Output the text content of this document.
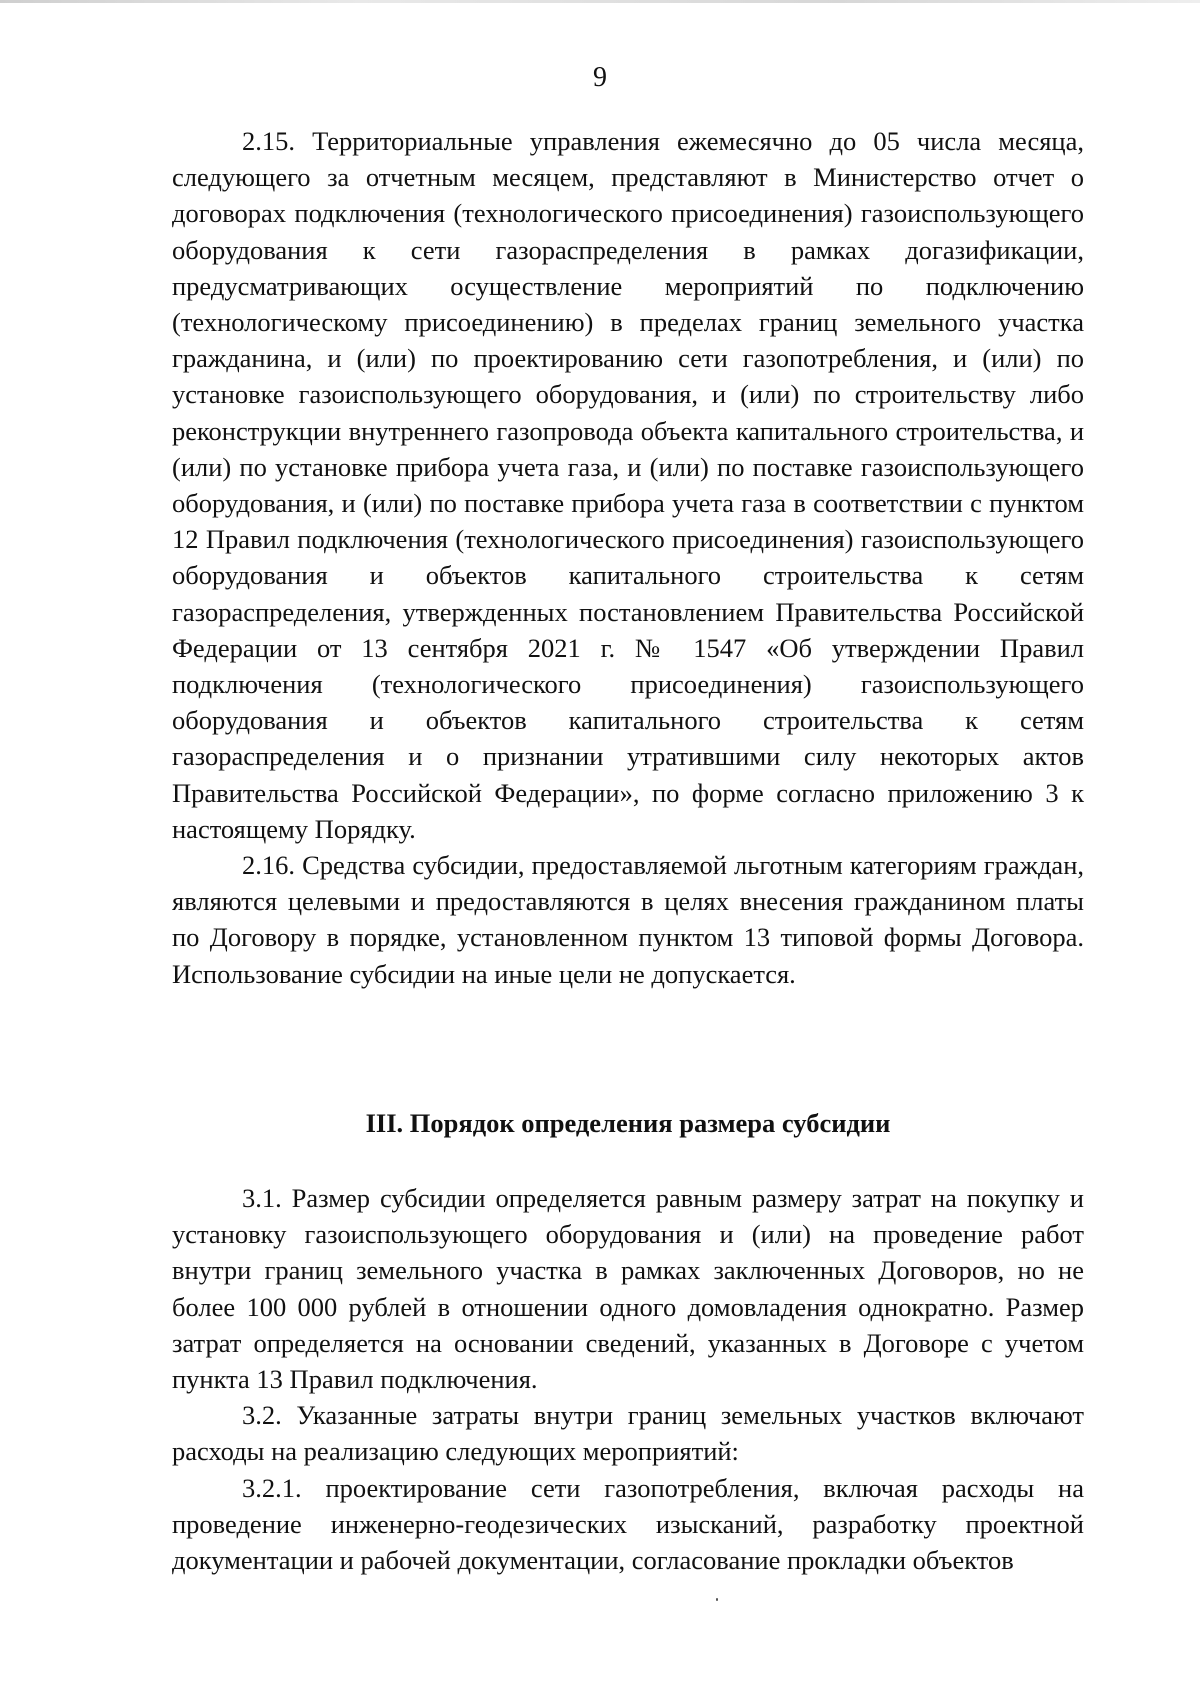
9

2.15. Территориальные управления ежемесячно до 05 числа месяца, следующего за отчетным месяцем, представляют в Министерство отчет о договорах подключения (технологического присоединения) газоиспользующего оборудования к сети газораспределения в рамках догазификации, предусматривающих осуществление мероприятий по подключению (технологическому присоединению) в пределах границ земельного участка гражданина, и (или) по проектированию сети газопотребления, и (или) по установке газоиспользующего оборудования, и (или) по строительству либо реконструкции внутреннего газопровода объекта капитального строительства, и (или) по установке прибора учета газа, и (или) по поставке газоиспользующего оборудования, и (или) по поставке прибора учета газа в соответствии с пунктом 12 Правил подключения (технологического присоединения) газоиспользующего оборудования и объектов капитального строительства к сетям газораспределения, утвержденных постановлением Правительства Российской Федерации от 13 сентября 2021 г. № 1547 «Об утверждении Правил подключения (технологического присоединения) газоиспользующего оборудования и объектов капитального строительства к сетям газораспределения и о признании утратившими силу некоторых актов Правительства Российской Федерации», по форме согласно приложению 3 к настоящему Порядку.

2.16. Средства субсидии, предоставляемой льготным категориям граждан, являются целевыми и предоставляются в целях внесения гражданином платы по Договору в порядке, установленном пунктом 13 типовой формы Договора. Использование субсидии на иные цели не допускается.

III. Порядок определения размера субсидии

3.1. Размер субсидии определяется равным размеру затрат на покупку и установку газоиспользующего оборудования и (или) на проведение работ внутри границ земельного участка в рамках заключенных Договоров, но не более 100 000 рублей в отношении одного домовладения однократно. Размер затрат определяется на основании сведений, указанных в Договоре с учетом пункта 13 Правил подключения.

3.2. Указанные затраты внутри границ земельных участков включают расходы на реализацию следующих мероприятий:

3.2.1. проектирование сети газопотребления, включая расходы на проведение инженерно-геодезических изысканий, разработку проектной документации и рабочей документации, согласование прокладки объектов
